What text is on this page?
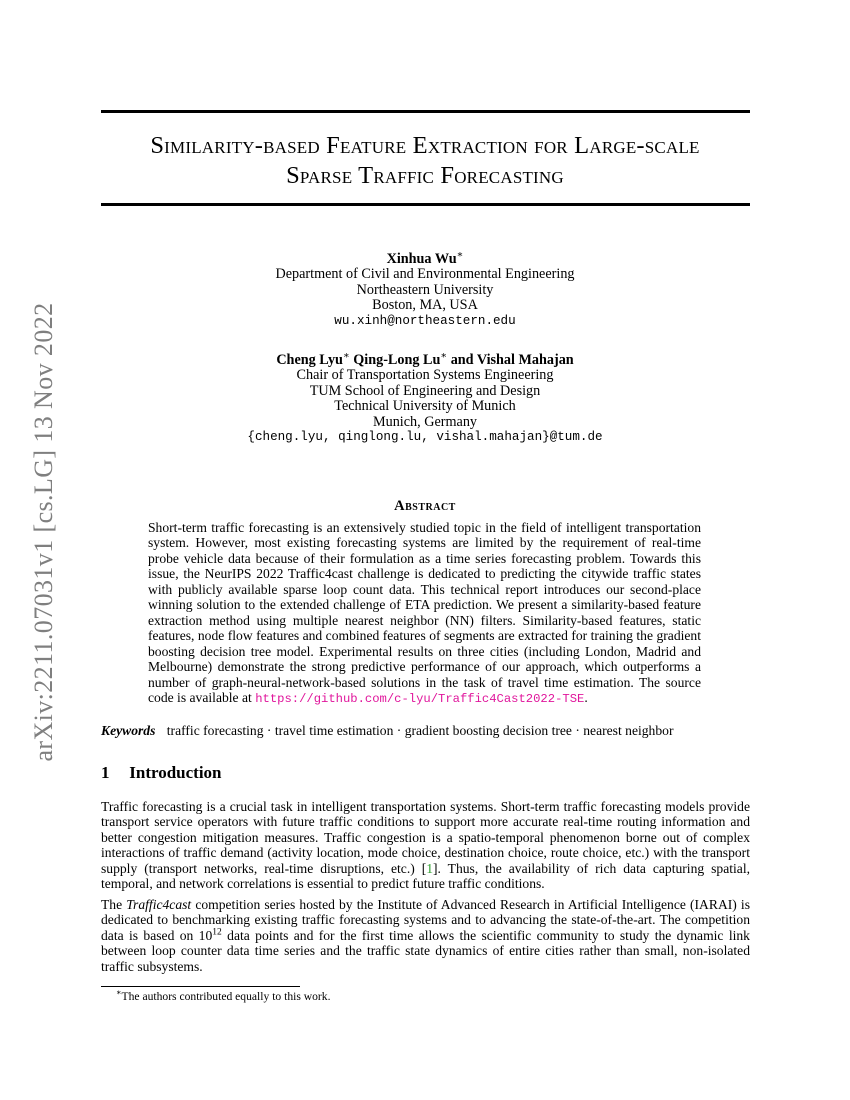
arXiv:2211.07031v1 [cs.LG] 13 Nov 2022
Similarity-based Feature Extraction for Large-scale
Sparse Traffic Forecasting
Xinhua Wu∗
Department of Civil and Environmental Engineering
Northeastern University
Boston, MA, USA
wu.xinh@northeastern.edu
Cheng Lyu∗ Qing-Long Lu∗ and Vishal Mahajan
Chair of Transportation Systems Engineering
TUM School of Engineering and Design
Technical University of Munich
Munich, Germany
{cheng.lyu, qinglong.lu, vishal.mahajan}@tum.de
Abstract
Short-term traffic forecasting is an extensively studied topic in the field of intelligent transportation system. However, most existing forecasting systems are limited by the requirement of real-time probe vehicle data because of their formulation as a time series forecasting problem. Towards this issue, the NeurIPS 2022 Traffic4cast challenge is dedicated to predicting the citywide traffic states with publicly available sparse loop count data. This technical report introduces our second-place winning solution to the extended challenge of ETA prediction. We present a similarity-based feature extraction method using multiple nearest neighbor (NN) filters. Similarity-based features, static features, node flow features and combined features of segments are extracted for training the gradient boosting decision tree model. Experimental results on three cities (including London, Madrid and Melbourne) demonstrate the strong predictive performance of our approach, which outperforms a number of graph-neural-network-based solutions in the task of travel time estimation. The source code is available at https://github.com/c-lyu/Traffic4Cast2022-TSE.
Keywords traffic forecasting · travel time estimation · gradient boosting decision tree · nearest neighbor
1 Introduction
Traffic forecasting is a crucial task in intelligent transportation systems. Short-term traffic forecasting models provide transport service operators with future traffic conditions to support more accurate real-time routing information and better congestion mitigation measures. Traffic congestion is a spatio-temporal phenomenon borne out of complex interactions of traffic demand (activity location, mode choice, destination choice, route choice, etc.) with the transport supply (transport networks, real-time disruptions, etc.) [1]. Thus, the availability of rich data capturing spatial, temporal, and network correlations is essential to predict future traffic conditions.
The Traffic4cast competition series hosted by the Institute of Advanced Research in Artificial Intelligence (IARAI) is dedicated to benchmarking existing traffic forecasting systems and to advancing the state-of-the-art. The competition data is based on $10^{12}$ data points and for the first time allows the scientific community to study the dynamic link between loop counter data time series and the traffic state dynamics of entire cities rather than small, non-isolated traffic subsystems.
∗The authors contributed equally to this work.
